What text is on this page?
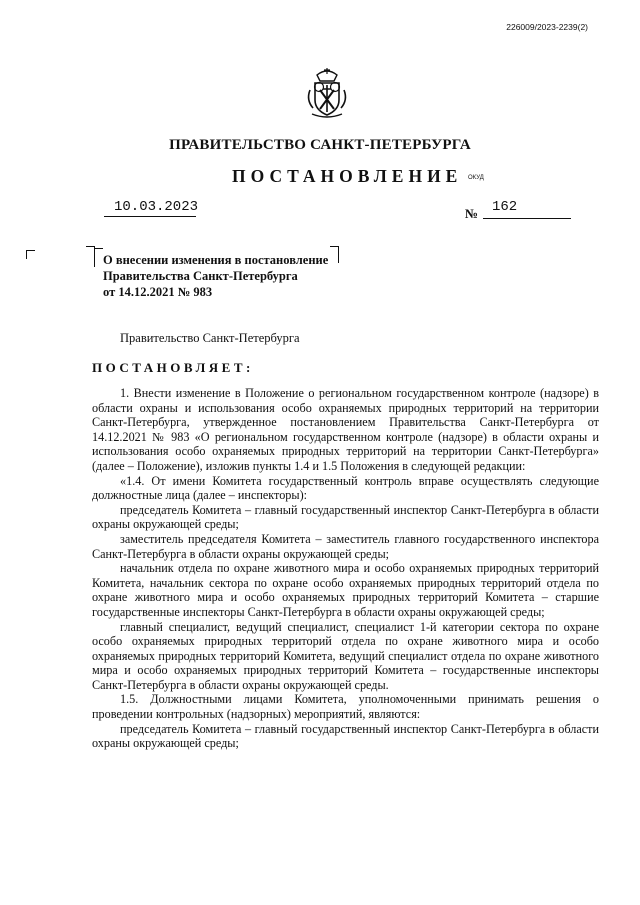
226009/2023-2239(2)
ПРАВИТЕЛЬСТВО САНКТ-ПЕТЕРБУРГА
ПОСТАНОВЛЕНИЕ ОКУД
10.03.2023	№ 162
О внесении изменения в постановление
Правительства Санкт-Петербурга
от 14.12.2021 № 983
Правительство Санкт-Петербурга
ПОСТАНОВЛЯЕТ:

1. Внести изменение в Положение о региональном государственном контроле (надзоре) в области охраны и использования особо охраняемых природных территорий на территории Санкт-Петербурга, утвержденное постановлением Правительства Санкт-Петербурга от 14.12.2021 № 983 «О региональном государственном контроле (надзоре) в области охраны и использования особо охраняемых природных территорий на территории Санкт-Петербурга» (далее – Положение), изложив пункты 1.4 и 1.5 Положения в следующей редакции:

«1.4. От имени Комитета государственный контроль вправе осуществлять следующие должностные лица (далее – инспекторы):

председатель Комитета – главный государственный инспектор Санкт-Петербурга в области охраны окружающей среды;

заместитель председателя Комитета – заместитель главного государственного инспектора Санкт-Петербурга в области охраны окружающей среды;

начальник отдела по охране животного мира и особо охраняемых природных территорий Комитета, начальник сектора по охране особо охраняемых природных территорий отдела по охране животного мира и особо охраняемых природных территорий Комитета – старшие государственные инспекторы Санкт-Петербурга в области охраны окружающей среды;

главный специалист, ведущий специалист, специалист 1-й категории сектора по охране особо охраняемых природных территорий отдела по охране животного мира и особо охраняемых природных территорий Комитета, ведущий специалист отдела по охране животного мира и особо охраняемых природных территорий Комитета – государственные инспекторы Санкт-Петербурга в области охраны окружающей среды.

1.5. Должностными лицами Комитета, уполномоченными принимать решения о проведении контрольных (надзорных) мероприятий, являются:

председатель Комитета – главный государственный инспектор Санкт-Петербурга в области охраны окружающей среды;
